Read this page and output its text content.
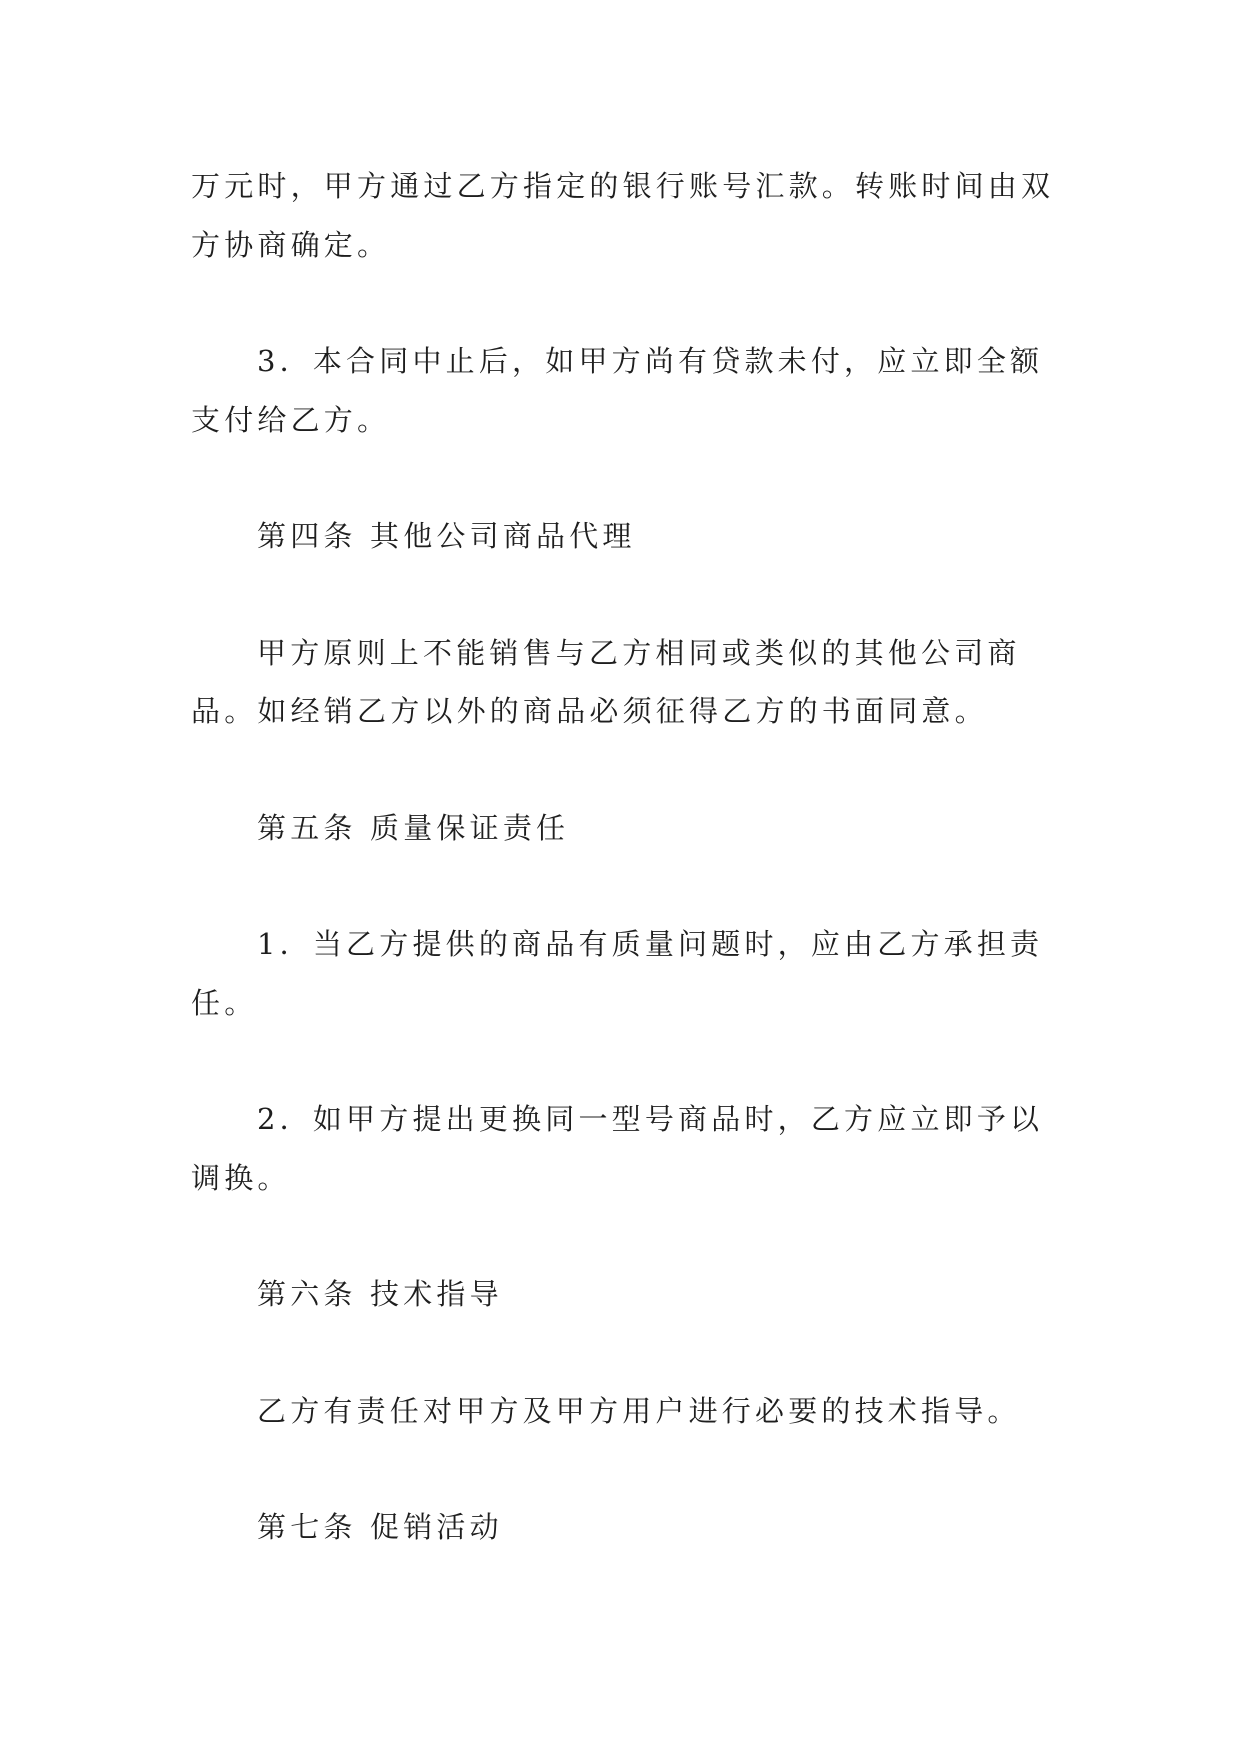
万元时，甲方通过乙方指定的银行账号汇款。转账时间由双
方协商确定。
3．本合同中止后，如甲方尚有贷款未付，应立即全额
支付给乙方。
第四条 其他公司商品代理
甲方原则上不能销售与乙方相同或类似的其他公司商
品。如经销乙方以外的商品必须征得乙方的书面同意。
第五条 质量保证责任
1．当乙方提供的商品有质量问题时，应由乙方承担责
任。
2．如甲方提出更换同一型号商品时，乙方应立即予以
调换。
第六条 技术指导
乙方有责任对甲方及甲方用户进行必要的技术指导。
第七条 促销活动
